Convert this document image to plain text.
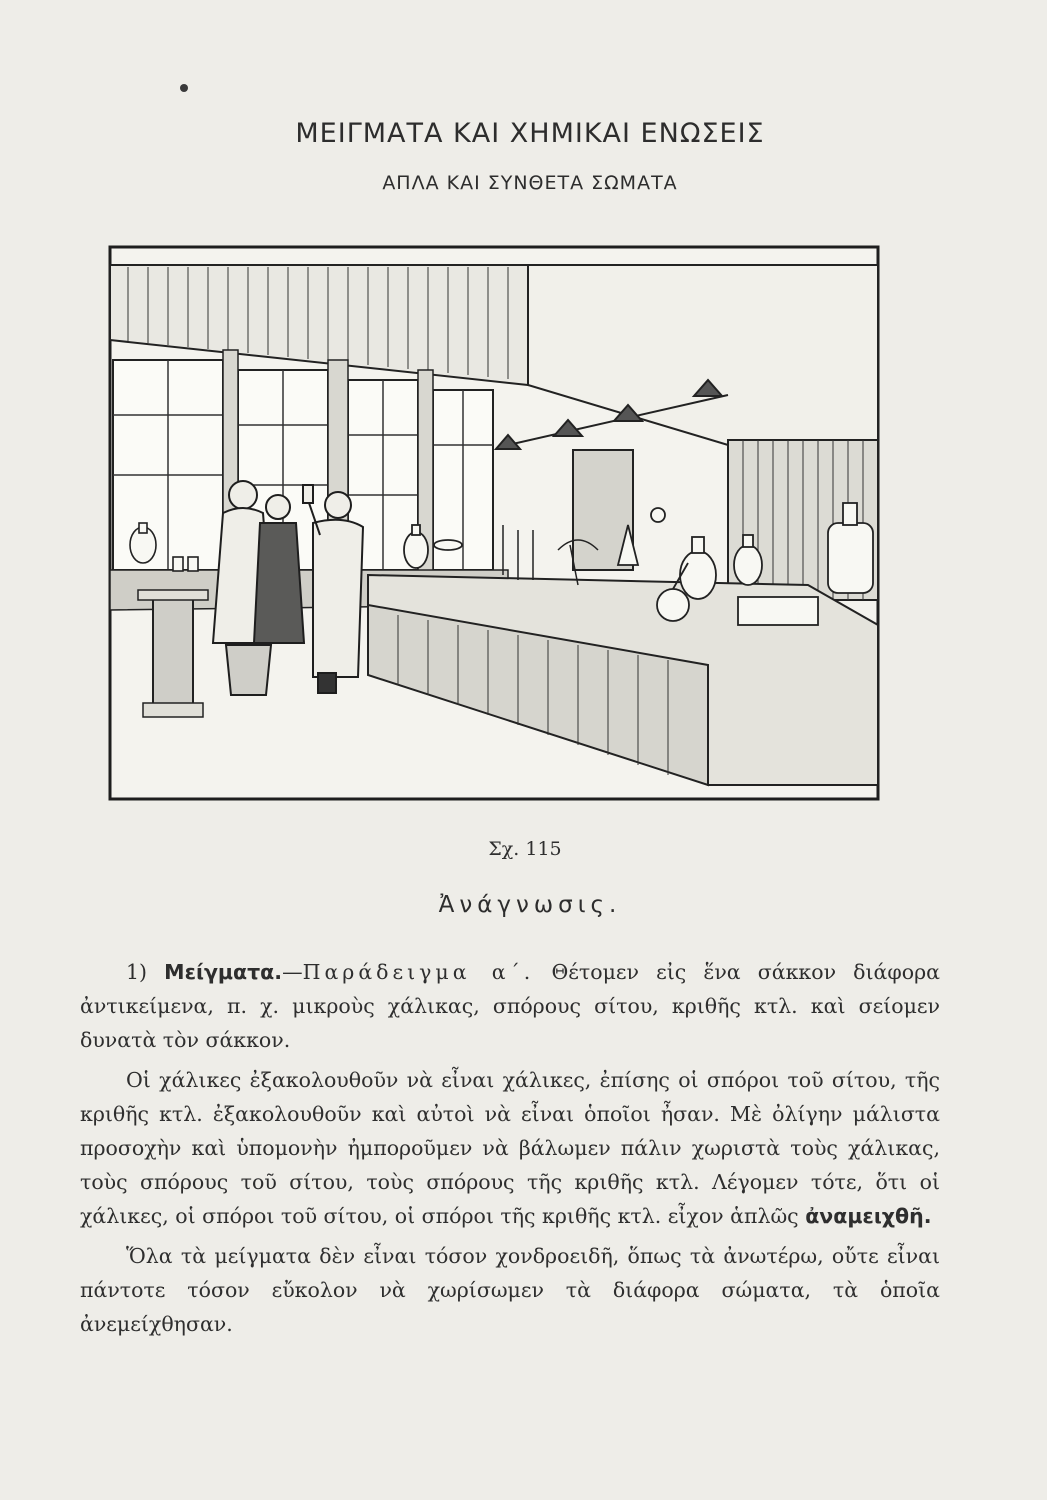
ΜΕΙΓΜΑΤΑ ΚΑΙ ΧΗΜΙΚΑΙ ΕΝΩΣΕΙΣ
ΑΠΛΑ ΚΑΙ ΣΥΝΘΕΤΑ ΣΩΜΑΤΑ
Σχ. 115
Ἀνάγνωσις.

1) Μείγματα.—Παράδειγμα α΄. Θέτομεν εἰς ἕνα σάκκον διάφορα ἀντικείμενα, π. χ. μικροὺς χάλικας, σπόρους σίτου, κριθῆς κτλ. καὶ σείομεν δυνατὰ τὸν σάκκον.

Οἱ χάλικες ἐξακολουθοῦν νὰ εἶναι χάλικες, ἐπίσης οἱ σπόροι τοῦ σίτου, τῆς κριθῆς κτλ. ἐξακολουθοῦν καὶ αὐτοὶ νὰ εἶναι ὁποῖοι ἦσαν. Μὲ ὀλίγην μάλιστα προσοχὴν καὶ ὑπομονὴν ἠμποροῦμεν νὰ βάλωμεν πάλιν χωριστὰ τοὺς χάλικας, τοὺς σπόρους τοῦ σίτου, τοὺς σπόρους τῆς κριθῆς κτλ. Λέγομεν τότε, ὅτι οἱ χάλικες, οἱ σπόροι τοῦ σίτου, οἱ σπόροι τῆς κριθῆς κτλ. εἶχον ἁπλῶς ἀναμειχθῆ.

Ὅλα τὰ μείγματα δὲν εἶναι τόσον χονδροειδῆ, ὅπως τὰ ἀνωτέρω, οὔτε εἶναι πάντοτε τόσον εὔκολον νὰ χωρίσωμεν τὰ διάφορα σώματα, τὰ ὁποῖα ἀνεμείχθησαν.
